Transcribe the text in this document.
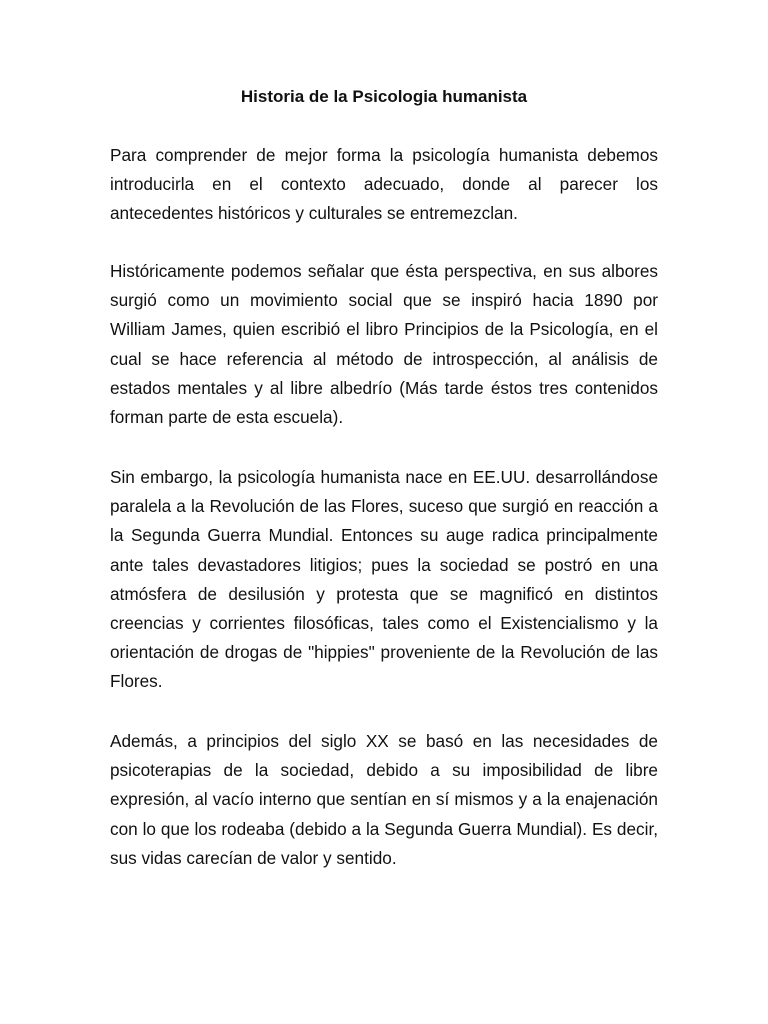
Historia de la Psicologia humanista

Para comprender de mejor forma la psicología humanista debemos introducirla en el contexto adecuado, donde al parecer los antecedentes históricos y culturales se entremezclan.

Históricamente podemos señalar que ésta perspectiva, en sus albores surgió como un movimiento social que se inspiró hacia 1890 por William James, quien escribió el libro Principios de la Psicología, en el cual se hace referencia al método de introspección, al análisis de estados mentales y al libre albedrío (Más tarde éstos tres contenidos forman parte de esta escuela).

Sin embargo, la psicología humanista nace en EE.UU. desarrollándose paralela a la Revolución de las Flores, suceso que surgió en reacción a la Segunda Guerra Mundial. Entonces su auge radica principalmente ante tales devastadores litigios; pues la sociedad se postró en una atmósfera de desilusión y protesta que se magnificó en distintos creencias y corrientes filosóficas, tales como el Existencialismo y la orientación de drogas de "hippies" proveniente de la Revolución de las Flores.

Además, a principios del siglo XX se basó en las necesidades de psicoterapias de la sociedad, debido a su imposibilidad de libre expresión, al vacío interno que sentían en sí mismos y a la enajenación con lo que los rodeaba (debido a la Segunda Guerra Mundial). Es decir, sus vidas carecían de valor y sentido.
